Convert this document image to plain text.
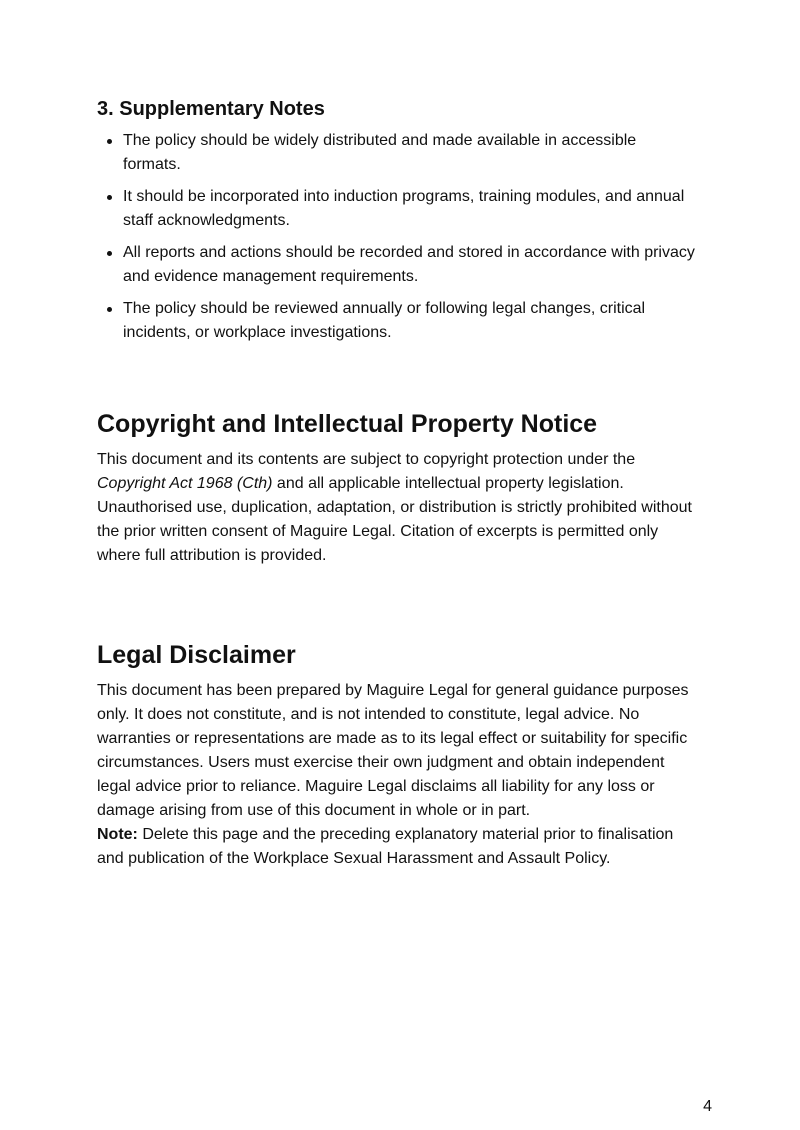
3. Supplementary Notes
The policy should be widely distributed and made available in accessible formats.
It should be incorporated into induction programs, training modules, and annual staff acknowledgments.
All reports and actions should be recorded and stored in accordance with privacy and evidence management requirements.
The policy should be reviewed annually or following legal changes, critical incidents, or workplace investigations.
Copyright and Intellectual Property Notice

This document and its contents are subject to copyright protection under the Copyright Act 1968 (Cth) and all applicable intellectual property legislation. Unauthorised use, duplication, adaptation, or distribution is strictly prohibited without the prior written consent of Maguire Legal. Citation of excerpts is permitted only where full attribution is provided.

Legal Disclaimer

This document has been prepared by Maguire Legal for general guidance purposes only. It does not constitute, and is not intended to constitute, legal advice. No warranties or representations are made as to its legal effect or suitability for specific circumstances. Users must exercise their own judgment and obtain independent legal advice prior to reliance. Maguire Legal disclaims all liability for any loss or damage arising from use of this document in whole or in part.

Note: Delete this page and the preceding explanatory material prior to finalisation and publication of the Workplace Sexual Harassment and Assault Policy.

4
